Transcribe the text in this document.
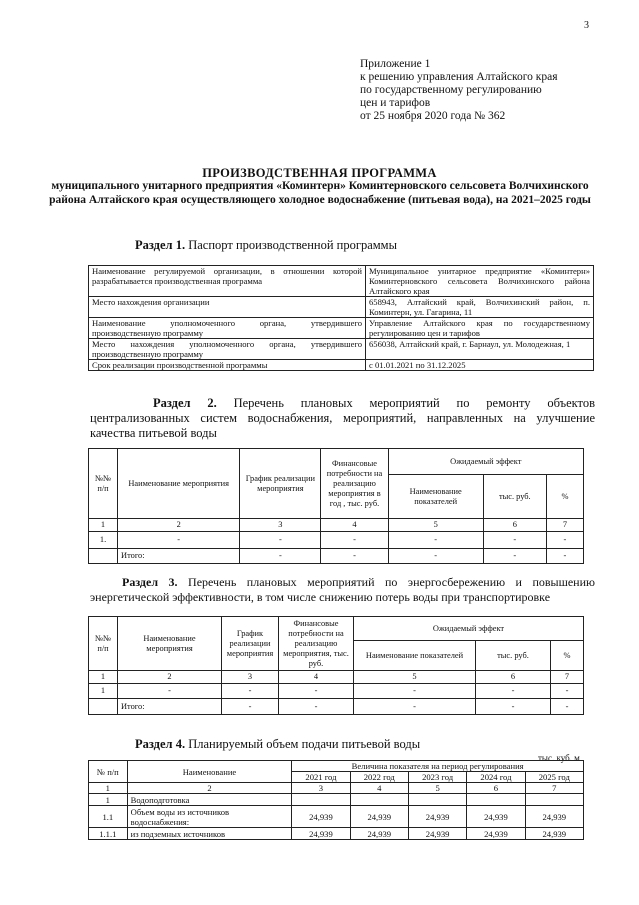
3
Приложение 1
к решению управления Алтайского края
по государственному регулированию
цен и тарифов
от 25 ноября 2020 года № 362
ПРОИЗВОДСТВЕННАЯ ПРОГРАММА
муниципального унитарного предприятия «Коминтерн» Коминтерновского сельсовета Волчихинского района Алтайского края осуществляющего холодное водоснабжение (питьевая вода), на 2021–2025 годы
Раздел 1. Паспорт производственной программы
Наименование регулируемой организации, в отношении которой разрабатывается производственная программа	Муниципальное унитарное предприятие «Коминтерн» Коминтерновского сельсовета Волчихинского района Алтайского края
Место нахождения организации	658943, Алтайский край, Волчихинский район, п. Коминтерн, ул. Гагарина, 11
Наименование уполномоченного органа, утвердившего производственную программу	Управление Алтайского края по государственному регулированию цен и тарифов
Место нахождения уполномоченного органа, утвердившего производственную программу	656038, Алтайский край, г. Барнаул, ул. Молодежная, 1
Срок реализации производственной программы	с 01.01.2021 по 31.12.2025
Раздел 2. Перечень плановых мероприятий по ремонту объектов централизованных систем водоснабжения, мероприятий, направленных на улучшение качества питьевой воды
№№ п/п	Наименование мероприятия	График реализации мероприятия	Финансовые потребности на реализацию мероприятия в год , тыс. руб.	Ожидаемый эффект		
				Наименование показателей	тыс. руб.	%
1	2	3	4	5	6	7
1.	-	-	-	-	-	-
	Итого:	-	-	-	-	-
Раздел 3. Перечень плановых мероприятий по энергосбережению и повышению энергетической эффективности, в том числе снижению потерь воды при транспортировке
№№ п/п	Наименование мероприятия	График реализации мероприятия	Финансовые потребности на реализацию мероприятия, тыс. руб.	Ожидаемый эффект		
				Наименование показателей	тыс. руб.	%
1	2	3	4	5	6	7
1	-	-	-	-	-	-
	Итого:	-	-	-	-	-
Раздел 4. Планируемый объем подачи питьевой воды
тыс. куб. м
№ п/п	Наименование	Величина показателя на период регулирования				
		2021 год	2022 год	2023 год	2024 год	2025 год
1	2	3	4	5	6	7
1	Водоподготовка					
1.1	Объем воды из источников водоснабжения:	24,939	24,939	24,939	24,939	24,939
1.1.1	из подземных источников	24,939	24,939	24,939	24,939	24,939
